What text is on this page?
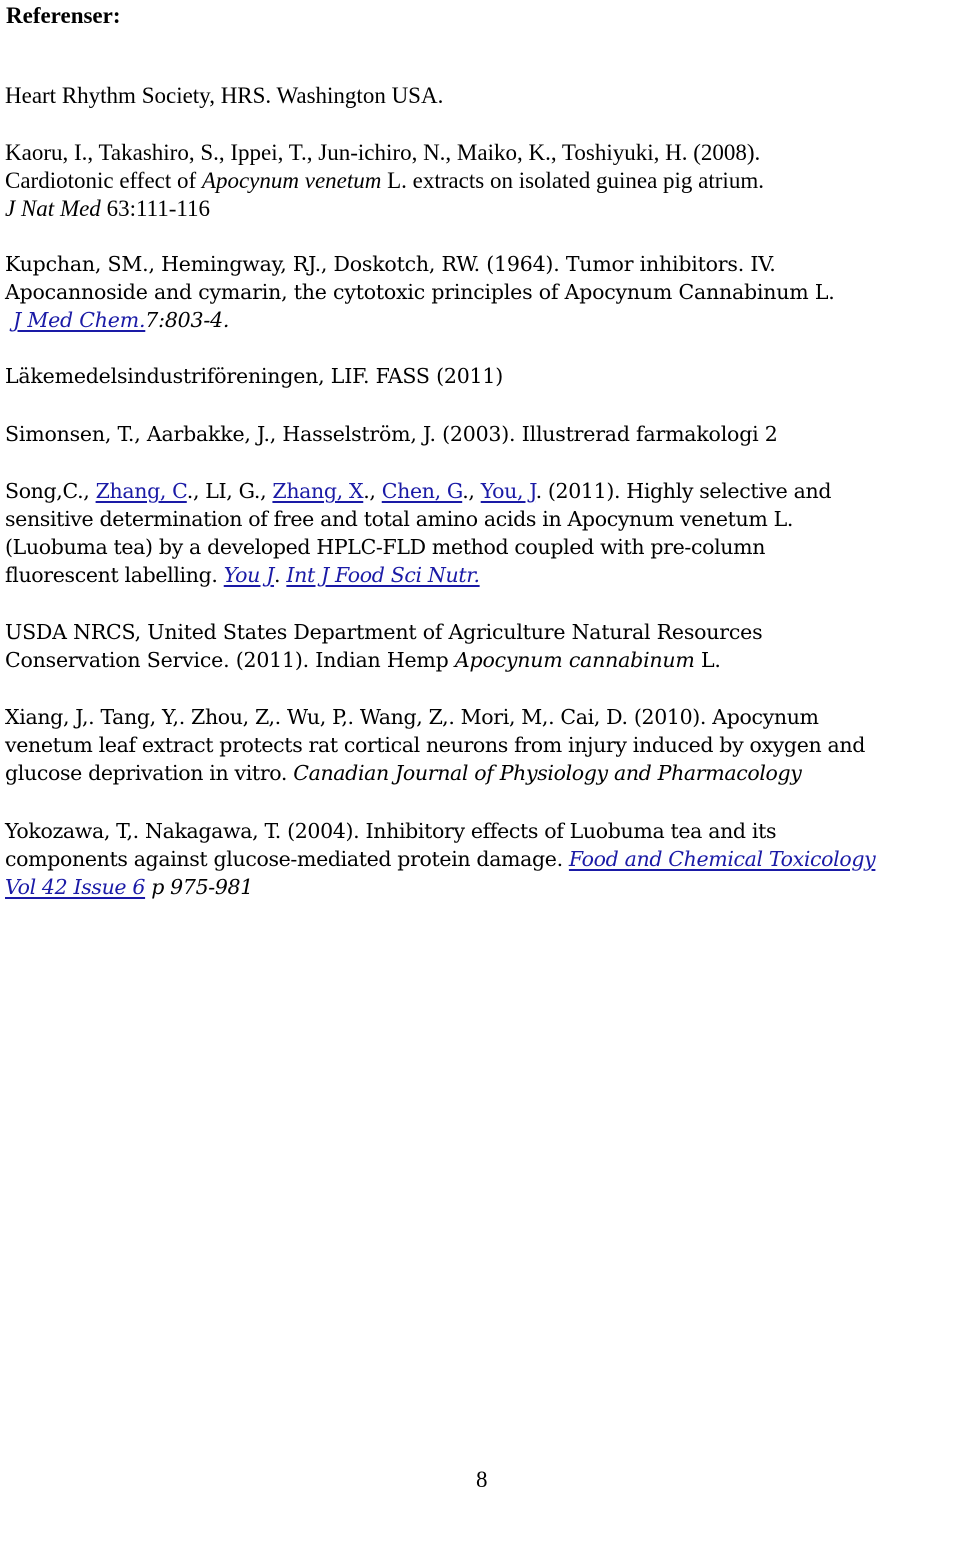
Referenser:

Heart Rhythm Society, HRS. Washington USA.

Kaoru, I., Takashiro, S., Ippei, T., Jun-ichiro, N., Maiko, K., Toshiyuki, H. (2008).
Cardiotonic effect of Apocynum venetum L. extracts on isolated guinea pig atrium.
J Nat Med 63:111-116

Kupchan, SM., Hemingway, RJ., Doskotch, RW. (1964). Tumor inhibitors. IV.
Apocannoside and cymarin, the cytotoxic principles of Apocynum Cannabinum L.
J Med Chem.7:803-4.

Läkemedelsindustriföreningen, LIF. FASS (2011)

Simonsen, T., Aarbakke, J., Hasselström, J. (2003). Illustrerad farmakologi 2

Song,C., Zhang, C., LI, G., Zhang, X., Chen, G., You, J. (2011). Highly selective and
sensitive determination of free and total amino acids in Apocynum venetum L.
(Luobuma tea) by a developed HPLC-FLD method coupled with pre-column
fluorescent labelling. You J. Int J Food Sci Nutr.

USDA NRCS, United States Department of Agriculture Natural Resources
Conservation Service. (2011). Indian Hemp Apocynum cannabinum L.

Xiang, J,. Tang, Y,. Zhou, Z,. Wu, P,. Wang, Z,. Mori, M,. Cai, D. (2010). Apocynum
venetum leaf extract protects rat cortical neurons from injury induced by oxygen and
glucose deprivation in vitro. Canadian Journal of Physiology and Pharmacology

Yokozawa, T,. Nakagawa, T. (2004). Inhibitory effects of Luobuma tea and its
components against glucose-mediated protein damage. Food and Chemical Toxicology
Vol 42 Issue 6 p 975-981

8
